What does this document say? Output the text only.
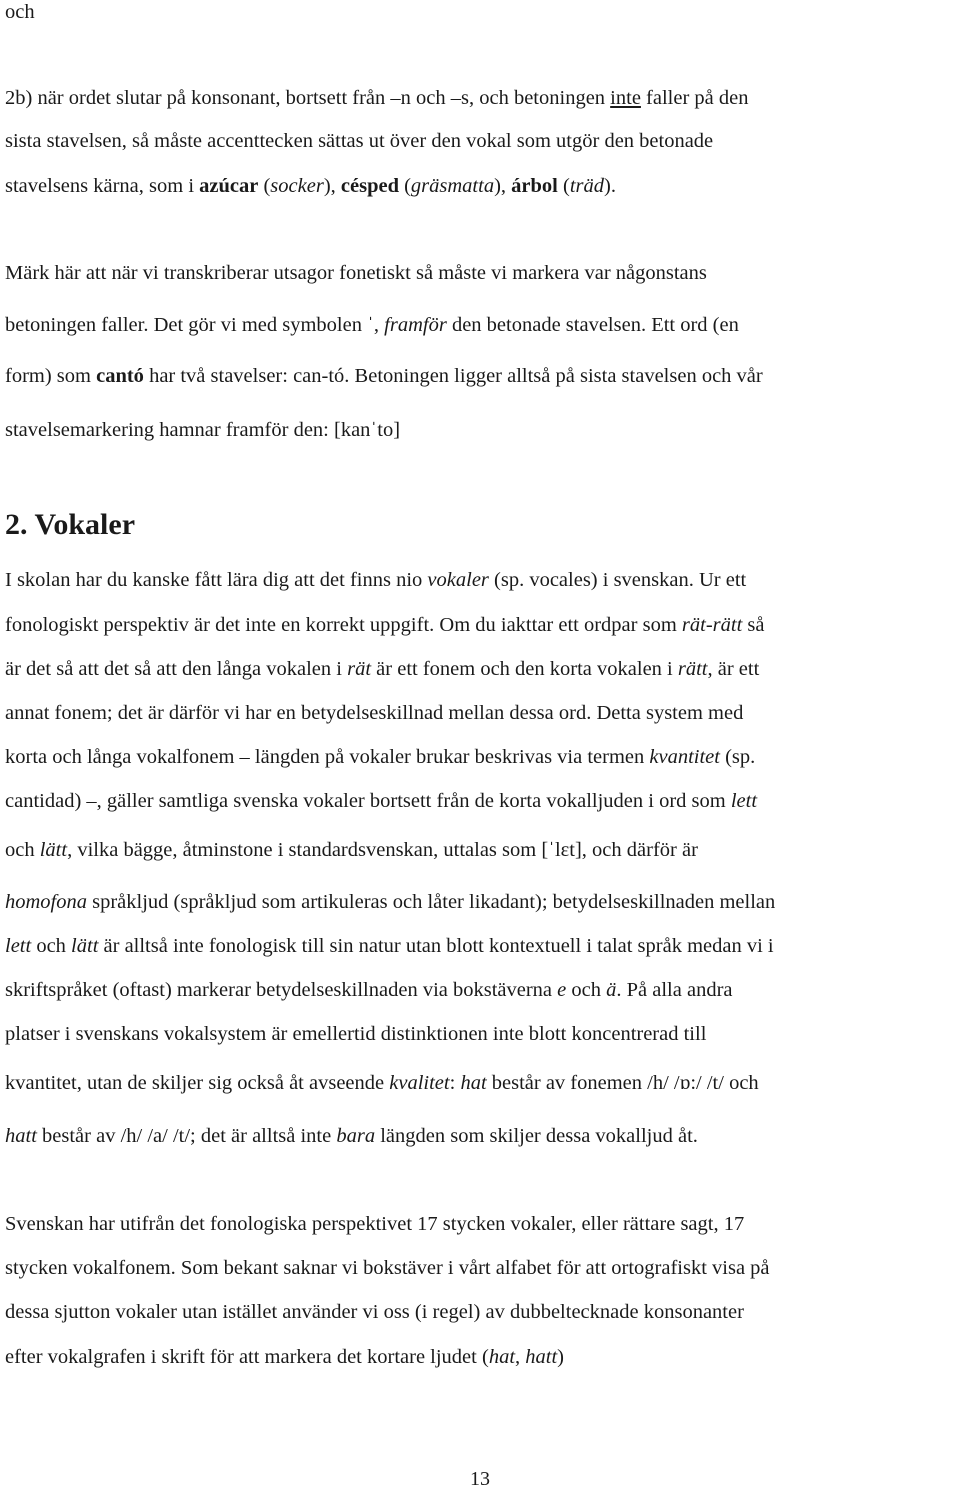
och
2b) när ordet slutar på konsonant, bortsett från –n och –s, och betoningen inte faller på den
sista stavelsen, så måste accenttecken sättas ut över den vokal som utgör den betonade
stavelsens kärna, som i azúcar (socker), césped (gräsmatta), árbol (träd).
Märk här att när vi transkriberar utsagor fonetiskt så måste vi markera var någonstans
betoningen faller. Det gör vi med symbolen ˈ, framför den betonade stavelsen. Ett ord (en
form) som cantó har två stavelser: can-tó. Betoningen ligger alltså på sista stavelsen och vår
stavelsemarkering hamnar framför den: [kanˈto]
2. Vokaler
I skolan har du kanske fått lära dig att det finns nio vokaler (sp. vocales) i svenskan. Ur ett
fonologiskt perspektiv är det inte en korrekt uppgift. Om du iakttar ett ordpar som rät-rätt så
är det så att det så att den långa vokalen i rät är ett fonem och den korta vokalen i rätt, är ett
annat fonem; det är därför vi har en betydelseskillnad mellan dessa ord. Detta system med
korta och långa vokalfonem – längden på vokaler brukar beskrivas via termen kvantitet (sp.
cantidad) –, gäller samtliga svenska vokaler bortsett från de korta vokalljuden i ord som lett
och lätt, vilka bägge, åtminstone i standardsvenskan, uttalas som [ˈlɛt], och därför är
homofona språkljud (språkljud som artikuleras och låter likadant); betydelseskillnaden mellan
lett och lätt är alltså inte fonologisk till sin natur utan blott kontextuell i talat språk medan vi i
skriftspråket (oftast) markerar betydelseskillnaden via bokstäverna e och ä. På alla andra
platser i svenskans vokalsystem är emellertid distinktionen inte blott koncentrerad till
kvantitet, utan de skiljer sig också åt avseende kvalitet: hat består av fonemen /h/ /ɒ:/ /t/ och
hatt består av /h/ /a/ /t/; det är alltså inte bara längden som skiljer dessa vokalljud åt.
Svenskan har utifrån det fonologiska perspektivet 17 stycken vokaler, eller rättare sagt, 17
stycken vokalfonem. Som bekant saknar vi bokstäver i vårt alfabet för att ortografiskt visa på
dessa sjutton vokaler utan istället använder vi oss (i regel) av dubbeltecknade konsonanter
efter vokalgrafen i skrift för att markera det kortare ljudet (hat, hatt)
13
